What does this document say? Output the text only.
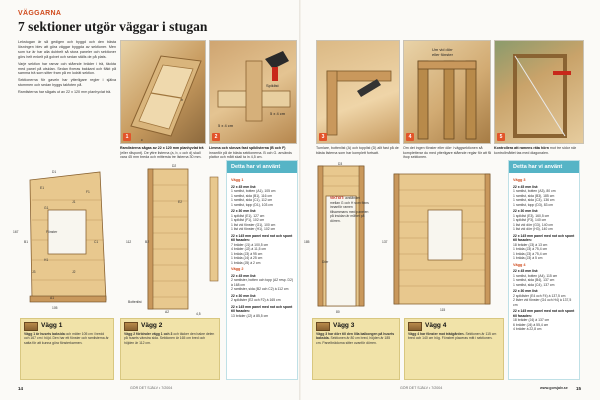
VÄGGARNA
7 sektioner utgör väggar i stugan

Lekstugan är så gedigen och byggd och den bästa lösningen blev att göra väggar byggda av sektioner. Men som tur är har alla dubbelt så stora paneler och sektioner görs helt enkelt på golvet och sedan ställs de på plats.

Varje sektion har ramar och stående bräder i trä, täckta med panel på utsidan. Sedan fixeras bakkant och fläkt på samma trä som sitter fram på en lodrät sektion.

Sektionerna för gaveln har ytterligare regler i själva stommen och sedan byggs takfoten på.

Ramlisterna har sågats ut av 22 x 120 mm planhyvlat trä.

c
b
1
Ramlisterna sågas av 22 x 120 mm planhyvlat trä (eller råspont). De yttre listerna (a, b, c och d) skall vara 45 mm breda och mittersta tre listerna 30 mm.
Spiklist
5 x 4 cm
5 x 4 cm
2
Limma och skruva fast spiklisterna (B och F) innanför på de bästa sektionerna. B och G. används plattor och mått skall ta in 4,5 cm.
3
Tumlare, bottenlist (A) och topplist (D) allt fast på de bästa listerna som har komplett fortsatt.
Um vid dörr
eller fönster
4
Om det ingen fönster eller dörr i väggsektionen så kompletterar du med ytterligare stående reglar för att få ihop sektionen.
5
Kontrollera att ramens räta hörn mot tre sidor när kontrollmåttet tas med diagonalen.
D1
E1
A1
B1	C1
J1
J2
J3
G1
H1
F1
167
105
Fönster
D2
E2
B2
A2
112
Bottenlist
4,5
Detta har vi använt
Vägg 1
22 x 45 mm list:
1 ramlist, botten (A1), 105 cm
1 ramlist, sida (B1), 116 cm
1 ramlist, sida (C1), 112 cm
1 ramlist, topp (D1), 103 cm
22 x 30 mm list:
1 spiklist (E1), 127 cm
1 spiklist (F1), 102 cm
1 list vid fönster (G1), 100 cm
1 list vid fönster (H1), 102 cm
22 x 145 mm panel med not och spont till fasaden:
7 bräder (J1) à 100,5 cm
4 bräder (J2) à 11,5 cm
1 bräda (J3) à 95 cm
1 bräda (J4) à 25 cm
1 bräda (J5) à 2 cm
Vägg 2
22 x 45 mm list:
2 ramlister, botten och topp (A2 resp. D2) à 168 cm
2 ramlister, sida (B2 och C2) à 112 cm
22 x 30 mm list:
2 spiklister (E2 och F2) à 165 cm
22 x 145 mm panel med not och spont till fasaden:
13 bräder (J2) à 85,5 cm
Vägg 1
Vägg 1 är husets baksida och mäter 105 cm i bredd och 167 cm i höjd. Den har ett fönster och ramlisterna är satta för att kunna göra fönsterkarmen.
Vägg 2
Vägg 2 förbinder vägg 1 och 3 och täcker den bakre delen på husets vänstra sida. Sektionen är 165 cm bred och höjden är 112 cm.
D3
185
80
Dörr
VIKTIGT: avståndet mellan G och H som finns innanför ramen tillsammans med panelen på insidan är måttet på dörren.
137
115
Detta har vi använt
Vägg 3
22 x 45 mm list:
1 ramlist, botten (A3), 80 cm
1 ramlist, sida (B3), 185 cm
1 ramlist, sida (C3), 136 cm
1 ramlist, topp (D3), 83 cm
22 x 30 mm list:
1 spiklist (E3), 160,5 cm
1 spiklist (F3), 140 cm
1 list vid dörr (G3), 140 cm
1 list vid dörr (H3), 140 cm
22 x 145 mm panel med not och spont till fasaden:
18 bräder (J3) à 13 cm
1 bräda (J3) à 75,4 cm
1 bräda (J3) à 75,4 cm
1 bräda (J3) à 5 cm
Vägg 4
22 x 45 mm list:
1 ramlist, botten (A4), 115 cm
1 ramlist, sida (B4), 137 cm
1 ramlist, sida (C4), 137 cm
22 x 30 mm list:
2 spiklister (E4 och F4) à 137,5 cm
2 lister vid fönster (G4 och H4) à 137,5 cm
22 x 145 mm panel med not och spont till fasaden:
18 bräder (J4) à 137 cm
6 bräder (J4) à 55,4 cm
4 bräder à 22,8 cm
Vägg 3
Vägg 3 har dörr till den lilla balkongen på husets baksida. Sektionen är 80 cm bred, höjden är 185 cm. Panelbrädorna sitter ovanför dörren.
Vägg 4
Vägg 4 har fönster mot trädgården. Sektionen är 115 cm bred och 140 cm hög. Fönstret placeras mitt i sektionen.
14	GÖR DET SJÄLV • 7/2004	GÖR DET SJÄLV • 7/2004	www.gorsjalv.se 15
